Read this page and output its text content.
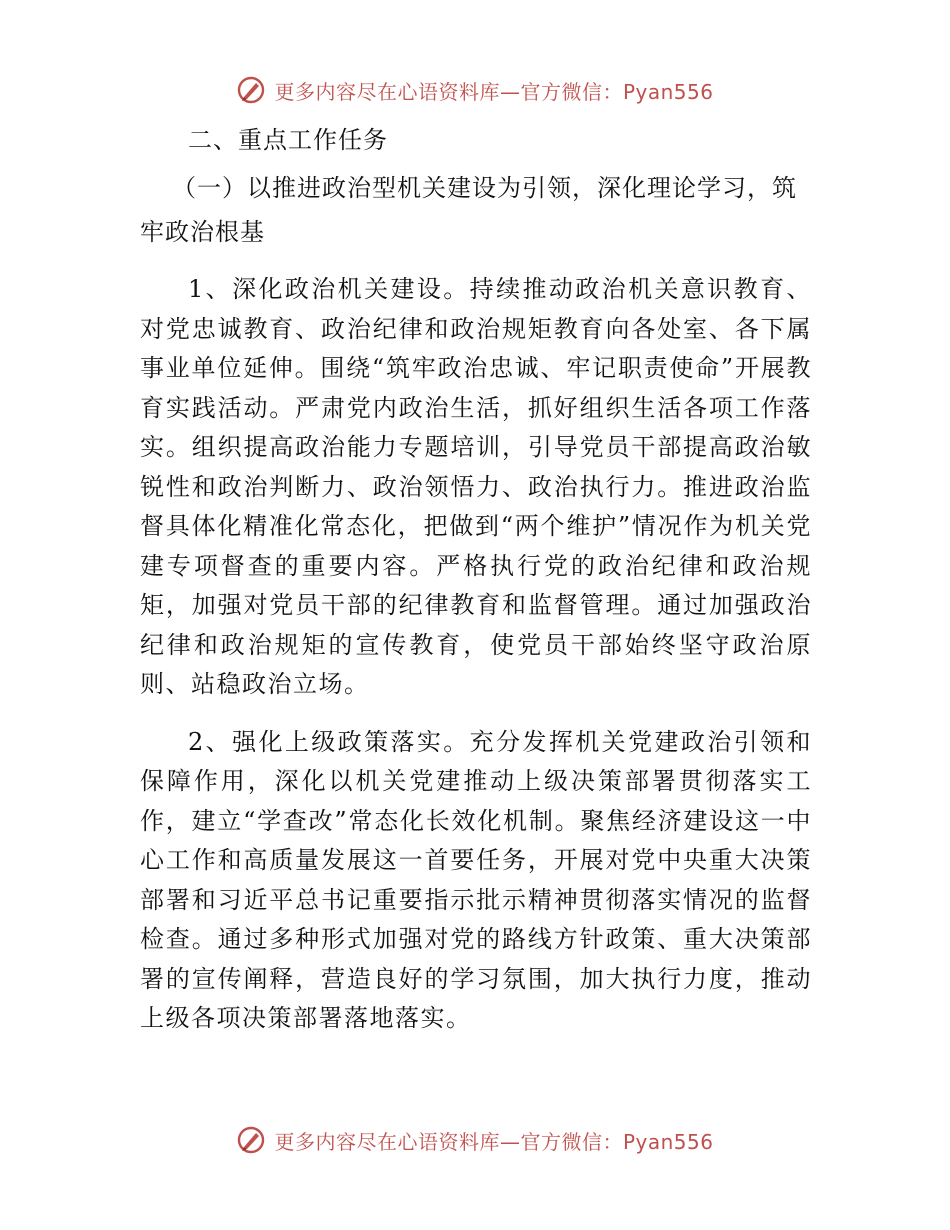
更多内容尽在心语资料库—官方微信：Pyan556

二、重点工作任务

（一）以推进政治型机关建设为引领，深化理论学习，筑牢政治根基

1、深化政治机关建设。持续推动政治机关意识教育、对党忠诚教育、政治纪律和政治规矩教育向各处室、各下属事业单位延伸。围绕“筑牢政治忠诚、牢记职责使命”开展教育实践活动。严肃党内政治生活，抓好组织生活各项工作落实。组织提高政治能力专题培训，引导党员干部提高政治敏锐性和政治判断力、政治领悟力、政治执行力。推进政治监督具体化精准化常态化，把做到“两个维护”情况作为机关党建专项督查的重要内容。严格执行党的政治纪律和政治规矩，加强对党员干部的纪律教育和监督管理。通过加强政治纪律和政治规矩的宣传教育，使党员干部始终坚守政治原则、站稳政治立场。

2、强化上级政策落实。充分发挥机关党建政治引领和保障作用，深化以机关党建推动上级决策部署贯彻落实工作，建立“学查改”常态化长效化机制。聚焦经济建设这一中心工作和高质量发展这一首要任务，开展对党中央重大决策部署和习近平总书记重要指示批示精神贯彻落实情况的监督检查。通过多种形式加强对党的路线方针政策、重大决策部署的宣传阐释，营造良好的学习氛围，加大执行力度，推动上级各项决策部署落地落实。

更多内容尽在心语资料库—官方微信：Pyan556
